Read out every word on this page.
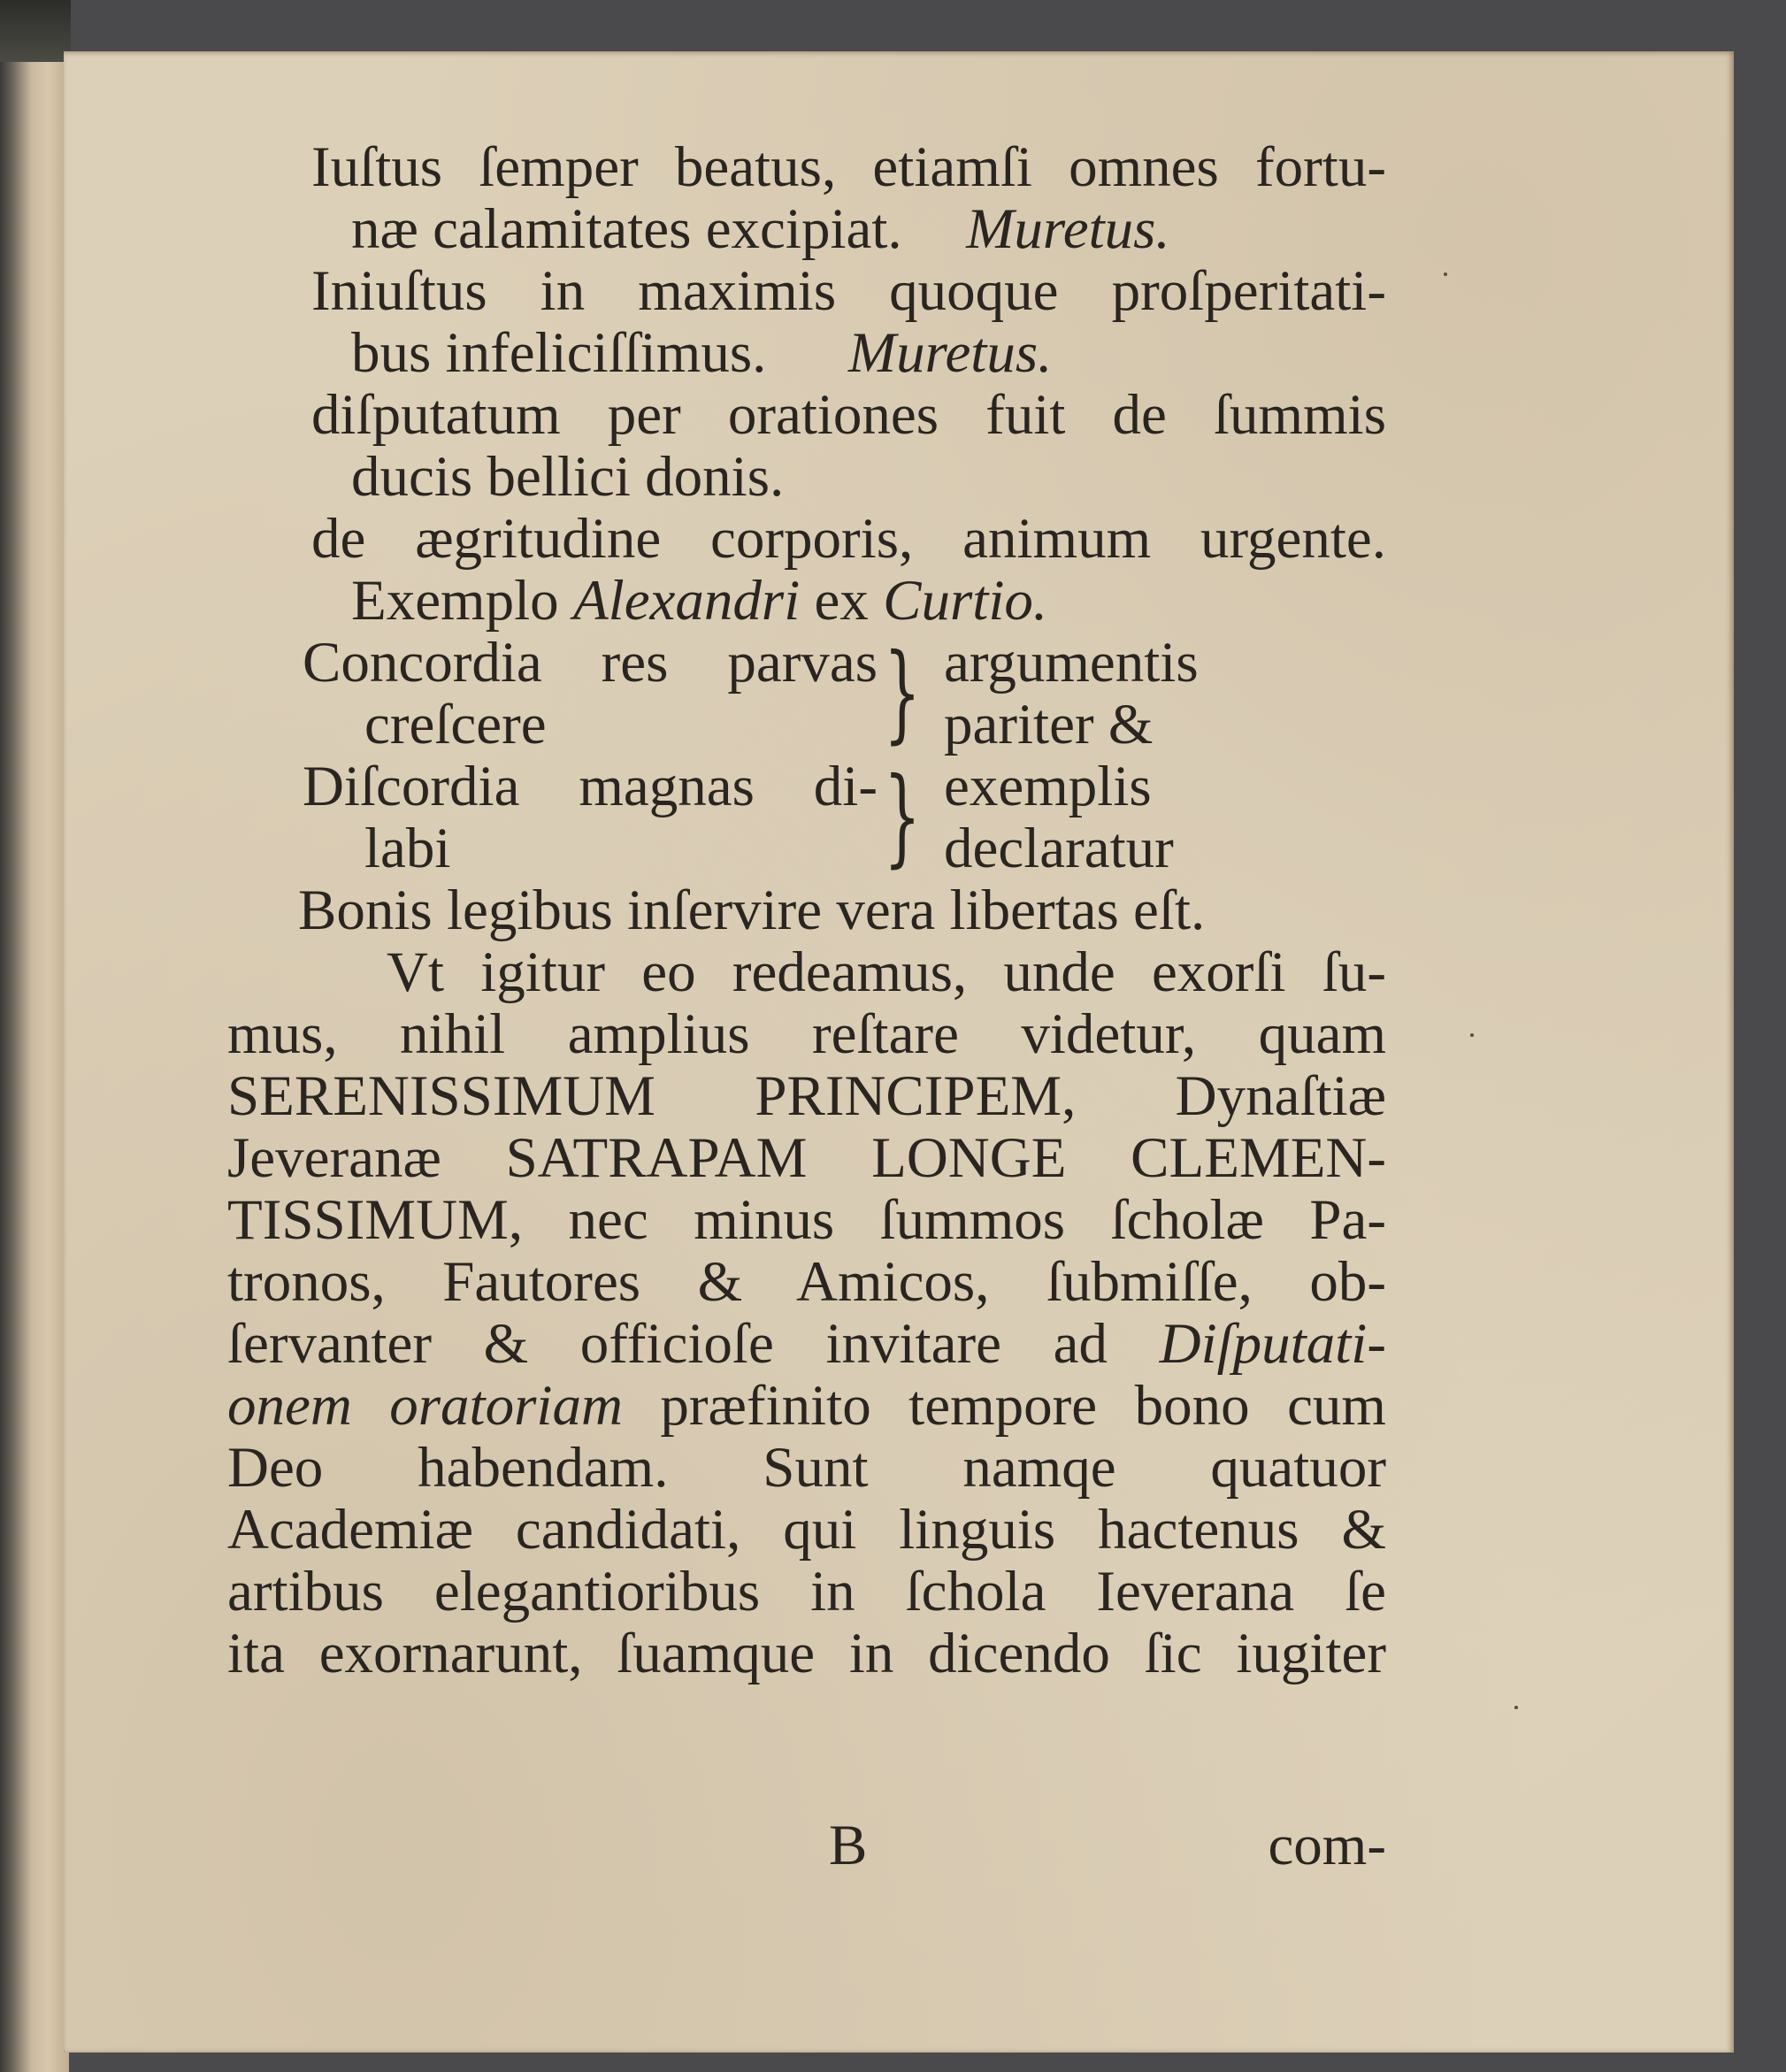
Iuſtus ſemper beatus, etiamſi omnes fortu-
næ calamitates excipiat. Muretus.
Iniuſtus in maximis quoque proſperitati-
bus infeliciſſimus. Muretus.
diſputatum per orationes fuit de ſummis
ducis bellici donis.
de ægritudine corporis, animum urgente.
Exemplo Alexandri ex Curtio.
Concordia res parvas
creſcere
Diſcordia magnas di-
labi
}
}
argumentis
pariter &
exemplis
declaratur
Bonis legibus inſervire vera libertas eſt.
Vt igitur eo redeamus, unde exorſi ſu-
mus, nihil amplius reſtare videtur, quam
SERENISSIMUM PRINCIPEM, Dynaſtiæ
Jeveranæ SATRAPAM LONGE CLEMEN-
TISSIMUM, nec minus ſummos ſcholæ Pa-
tronos, Fautores & Amicos, ſubmiſſe, ob-
ſervanter & officioſe invitare ad Diſputati-
onem oratoriam præfinito tempore bono cum
Deo habendam. Sunt namqe quatuor
Academiæ candidati, qui linguis hactenus &
artibus elegantioribus in ſchola Ieverana ſe
ita exornarunt, ſuamque in dicendo ſic iugiter
B	com-
